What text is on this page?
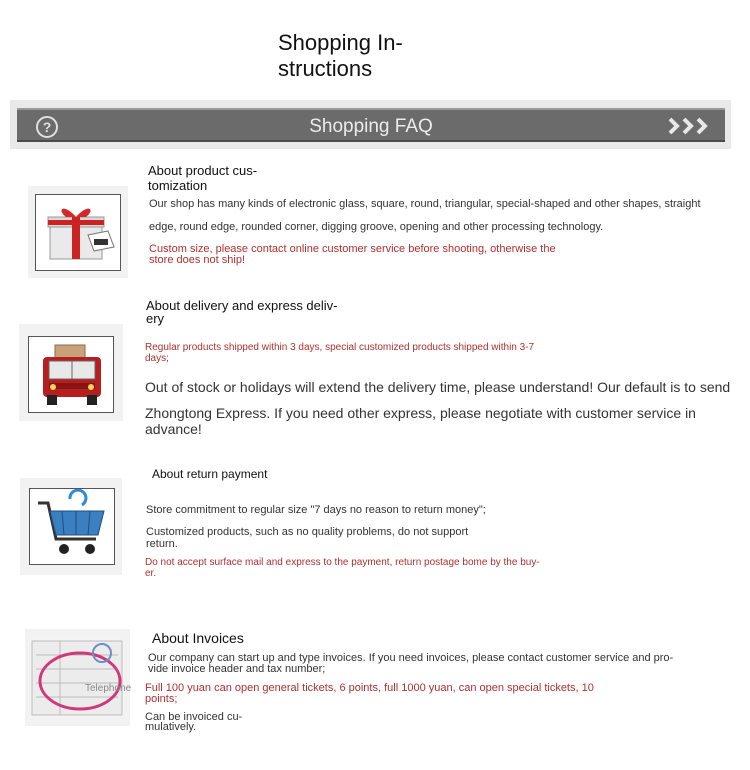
Shopping In-
structions
Shopping FAQ
?
About product cus-
tomization
Our shop has many kinds of electronic glass, square, round, triangular, special-shaped and other shapes, straight
edge, round edge, rounded corner, digging groove, opening and other processing technology.
Custom size, please contact online customer service before shooting, otherwise the
store does not ship!
About delivery and express deliv-
ery
Regular products shipped within 3 days, special customized products shipped within 3-7
days;
Out of stock or holidays will extend the delivery time, please understand! Our default is to send
Zhongtong Express. If you need other express, please negotiate with customer service in advance!
About return payment
Store commitment to regular size "7 days no reason to return money";
Customized products, such as no quality problems, do not support
return.
Do not accept surface mail and express to the payment, return postage bome by the buy-
er.
Telephone
About Invoices
Our company can start up and type invoices. If you need invoices, please contact customer service and pro-
vide invoice header and tax number;
Full 100 yuan can open general tickets, 6 points, full 1000 yuan, can open special tickets, 10
points;
Can be invoiced cu-
mulatively.
